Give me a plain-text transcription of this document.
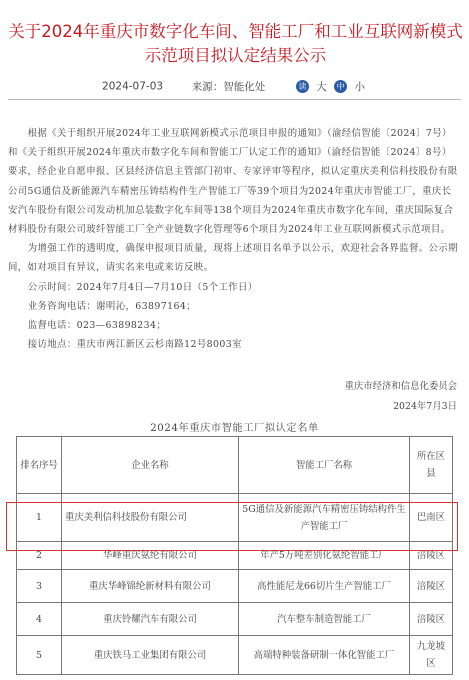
关于2024年重庆市数字化车间、智能工厂和工业互联网新模式示范项目拟认定结果公示
2024-07-03	来源：智能化处	读 大 中 小

根据《关于组织开展2024年工业互联网新模式示范项目申报的通知》（渝经信智能〔2024〕7号）和《关于组织开展2024年重庆市数字化车间和智能工厂认定工作的通知》（渝经信智能〔2024〕8号）要求，经企业自愿申报、区县经济信息主管部门初审、专家评审等程序，拟认定重庆美利信科技股份有限公司5G通信及新能源汽车精密压铸结构件生产智能工厂等39个项目为2024年重庆市智能工厂，重庆长安汽车股份有限公司发动机加总装数字化车间等138个项目为2024年重庆市数字化车间，重庆国际复合材料股份有限公司玻纤智能工厂全产业链数字化管理等6个项目为2024年工业互联网新模式示范项目。

为增强工作的透明度，确保申报项目质量，现将上述项目名单予以公示，欢迎社会各界监督。公示期间，如对项目有异议，请实名来电或来访反映。

公示时间：2024年7月4日—7月10日（5个工作日）

业务咨询电话：谢明沁，63897164；

监督电话：023—63898234；

接访地点：重庆市两江新区云杉南路12号8003室

重庆市经济和信息化委员会
2024年7月3日
2024年重庆市智能工厂拟认定名单
排名序号	企业名称	智能工厂名称	所在区县
1	重庆美利信科技股份有限公司	5G通信及新能源汽车精密压铸结构件生产智能工厂	巴南区
2	华峰重庆氨纶有限公司	年产5万吨差别化氨纶智能工厂	涪陵区
3	重庆华峰锦纶新材料有限公司	高性能尼龙66切片生产智能工厂	涪陵区
4	重庆铃耀汽车有限公司	汽车整车制造智能工厂	涪陵区
5	重庆铁马工业集团有限公司	高端特种装备研制一体化智能工厂	九龙坡区
